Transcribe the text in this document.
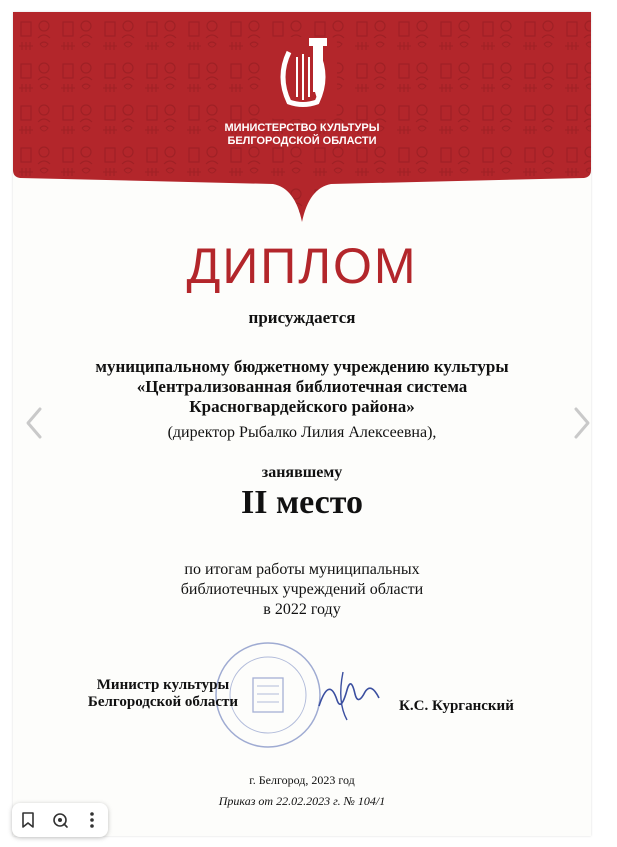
МИНИСТЕРСТВО КУЛЬТУРЫ
БЕЛГОРОДСКОЙ ОБЛАСТИ
ДИПЛОМ
присуждается
муниципальному бюджетному учреждению культуры
«Централизованная библиотечная система
Красногвардейского района»
(директор Рыбалко Лилия Алексеевна),
занявшему
II место
по итогам работы муниципальных
библиотечных учреждений области
в 2022 году
Министр культуры
Белгородской области	К.С. Курганский
г. Белгород, 2023 год
Приказ от 22.02.2023 г. № 104/1
